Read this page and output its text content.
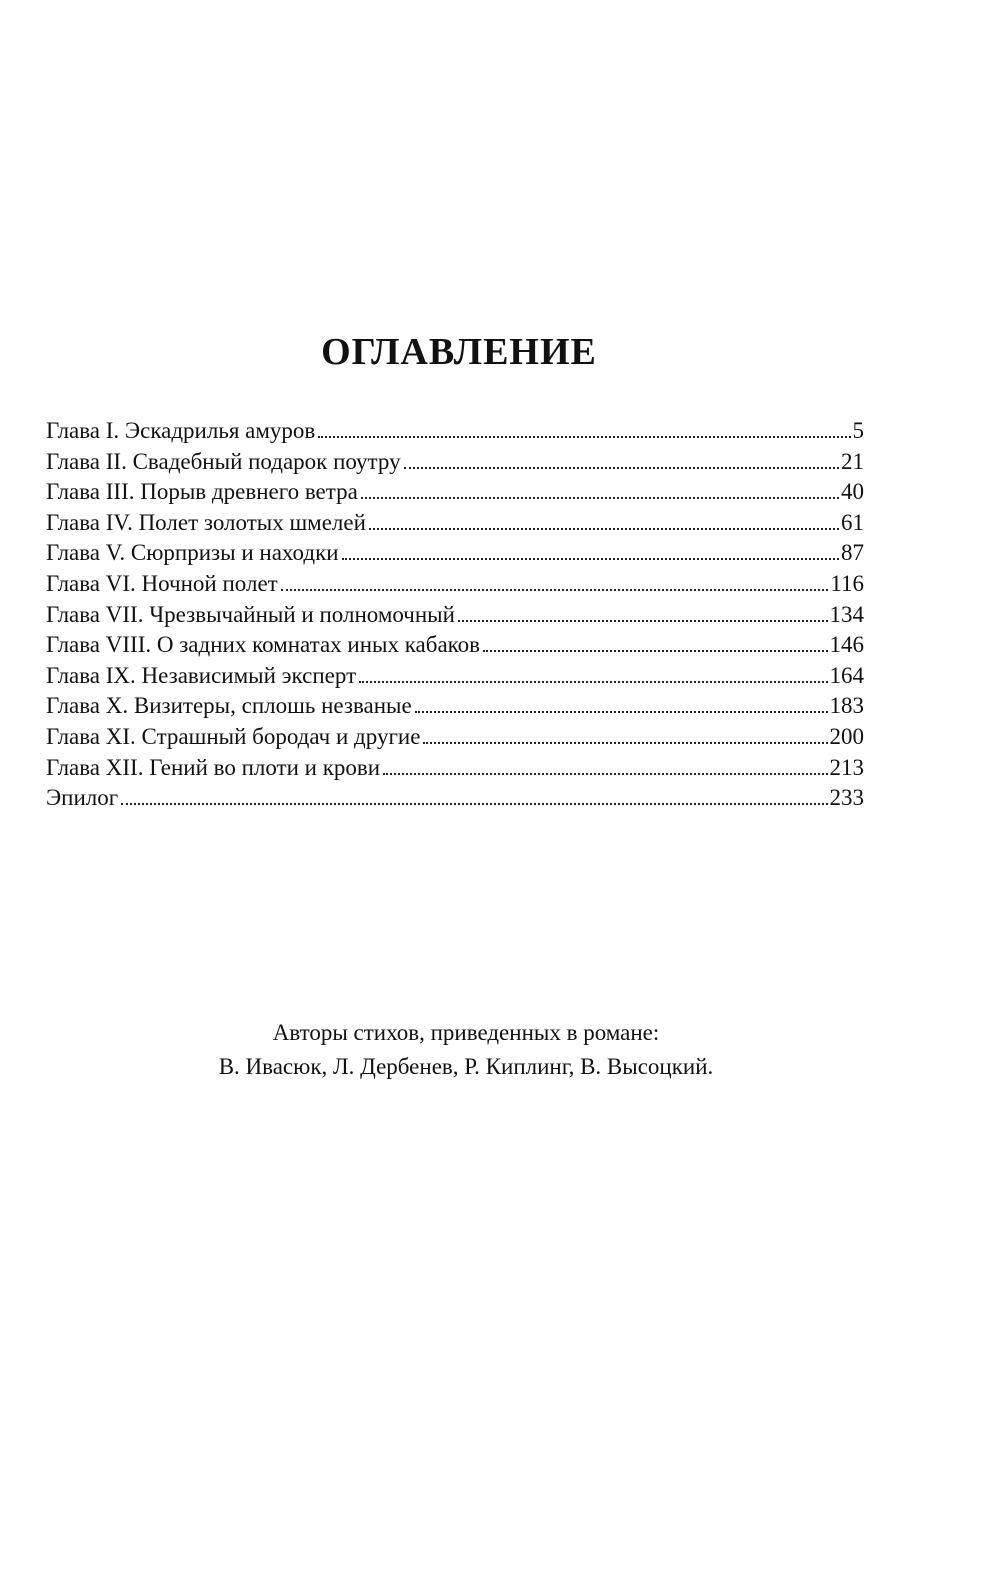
ОГЛАВЛЕНИЕ
Глава I. Эскадрилья амуров	5
Глава II. Свадебный подарок поутру	21
Глава III. Порыв древнего ветра	40
Глава IV. Полет золотых шмелей	61
Глава V. Сюрпризы и находки	87
Глава VI. Ночной полет	116
Глава VII. Чрезвычайный и полномочный	134
Глава VIII. О задних комнатах иных кабаков	146
Глава IX. Независимый эксперт	164
Глава X. Визитеры, сплошь незваные	183
Глава XI. Страшный бородач и другие	200
Глава XII. Гений во плоти и крови	213
Эпилог	233

Авторы стихов, приведенных в романе:

В. Ивасюк, Л. Дербенев, Р. Киплинг, В. Высоцкий.
